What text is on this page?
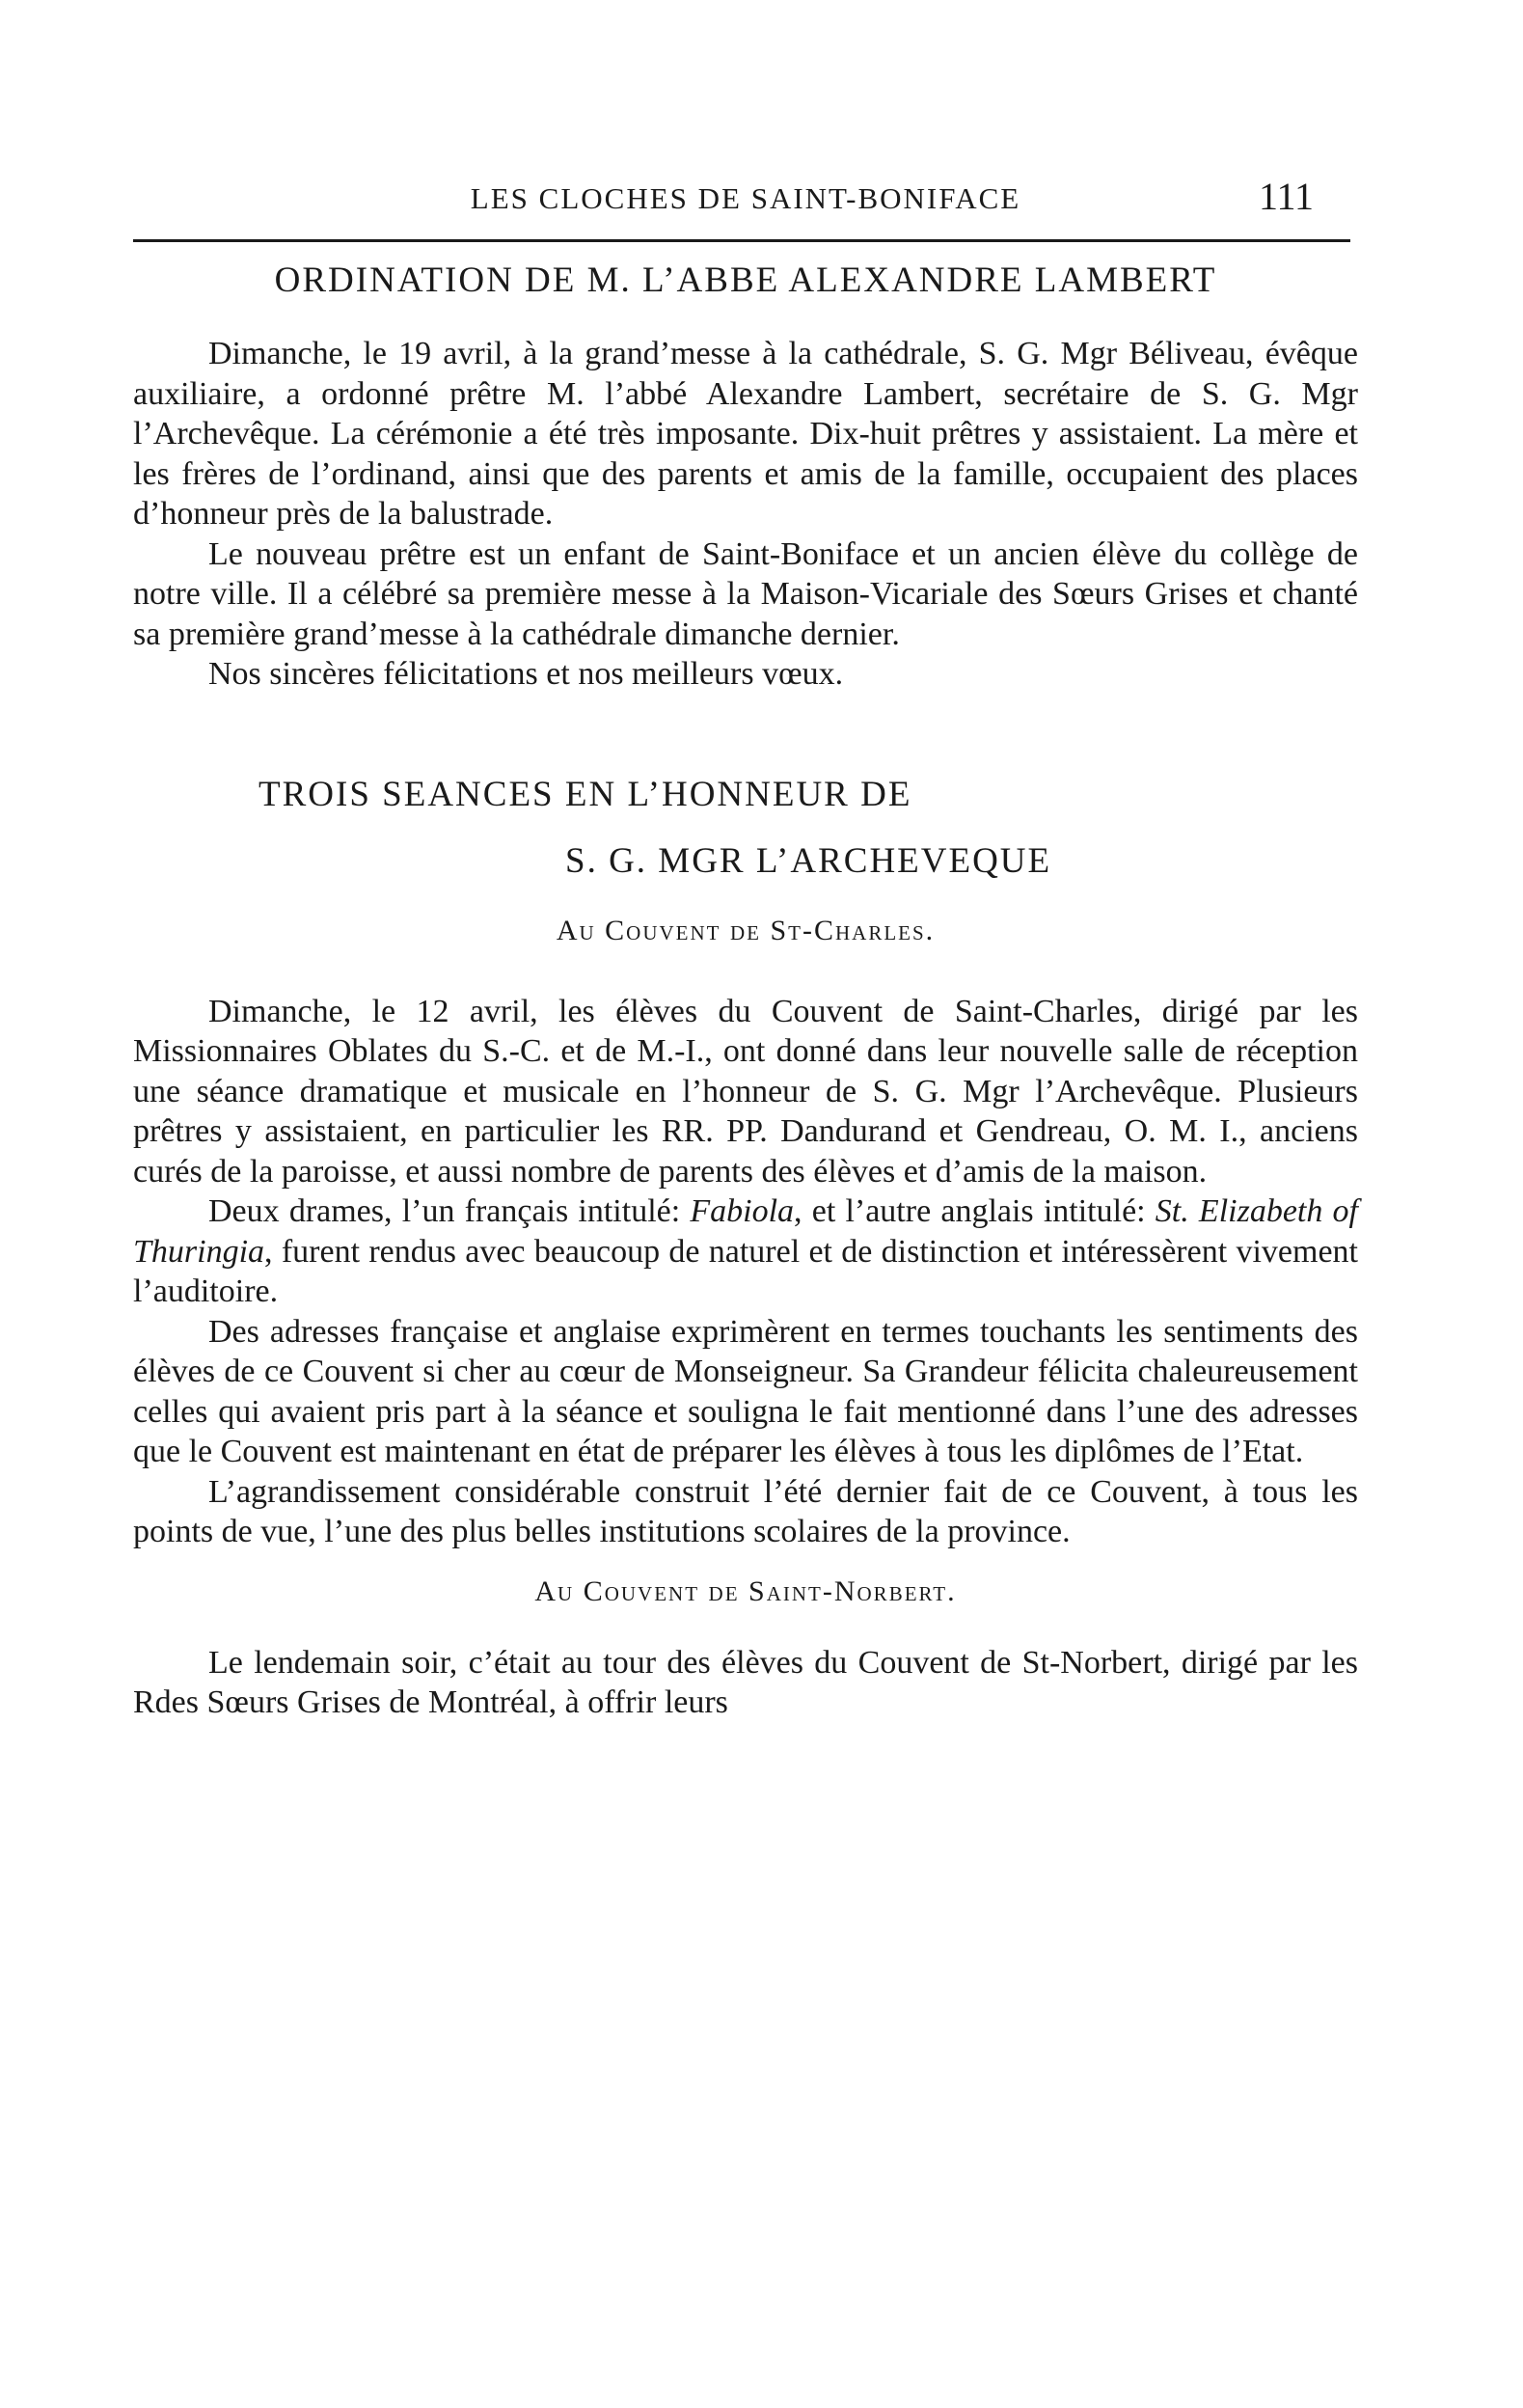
LES CLOCHES DE SAINT-BONIFACE	111
ORDINATION DE M. L’ABBE ALEXANDRE LAMBERT

Dimanche, le 19 avril, à la grand’messe à la cathédrale, S. G. Mgr Béliveau, évêque auxiliaire, a ordonné prêtre M. l’abbé Alexandre Lambert, secrétaire de S. G. Mgr l’Archevêque. La cérémonie a été très imposante. Dix-huit prêtres y assistaient. La mère et les frères de l’ordinand, ainsi que des parents et amis de la famille, occupaient des places d’honneur près de la balustrade.

Le nouveau prêtre est un enfant de Saint-Boniface et un ancien élève du collège de notre ville. Il a célébré sa première messe à la Maison-Vicariale des Sœurs Grises et chanté sa première grand’messe à la cathédrale dimanche dernier.

Nos sincères félicitations et nos meilleurs vœux.

TROIS SEANCES EN L’HONNEUR DE
S. G. MGR L’ARCHEVEQUE
Au Couvent de St-Charles.

Dimanche, le 12 avril, les élèves du Couvent de Saint-Charles, dirigé par les Missionnaires Oblates du S.-C. et de M.-I., ont donné dans leur nouvelle salle de réception une séance dramatique et musicale en l’honneur de S. G. Mgr l’Archevêque. Plusieurs prêtres y assistaient, en particulier les RR. PP. Dandurand et Gendreau, O. M. I., anciens curés de la paroisse, et aussi nombre de parents des élèves et d’amis de la maison.

Deux drames, l’un français intitulé: Fabiola, et l’autre anglais intitulé: St. Elizabeth of Thuringia, furent rendus avec beaucoup de naturel et de distinction et intéressèrent vivement l’auditoire.

Des adresses française et anglaise exprimèrent en termes touchants les sentiments des élèves de ce Couvent si cher au cœur de Monseigneur. Sa Grandeur félicita chaleureusement celles qui avaient pris part à la séance et souligna le fait mentionné dans l’une des adresses que le Couvent est maintenant en état de préparer les élèves à tous les diplômes de l’Etat.

L’agrandissement considérable construit l’été dernier fait de ce Couvent, à tous les points de vue, l’une des plus belles institutions scolaires de la province.

Au Couvent de Saint-Norbert.

Le lendemain soir, c’était au tour des élèves du Couvent de St-Norbert, dirigé par les Rdes Sœurs Grises de Montréal, à offrir leurs
